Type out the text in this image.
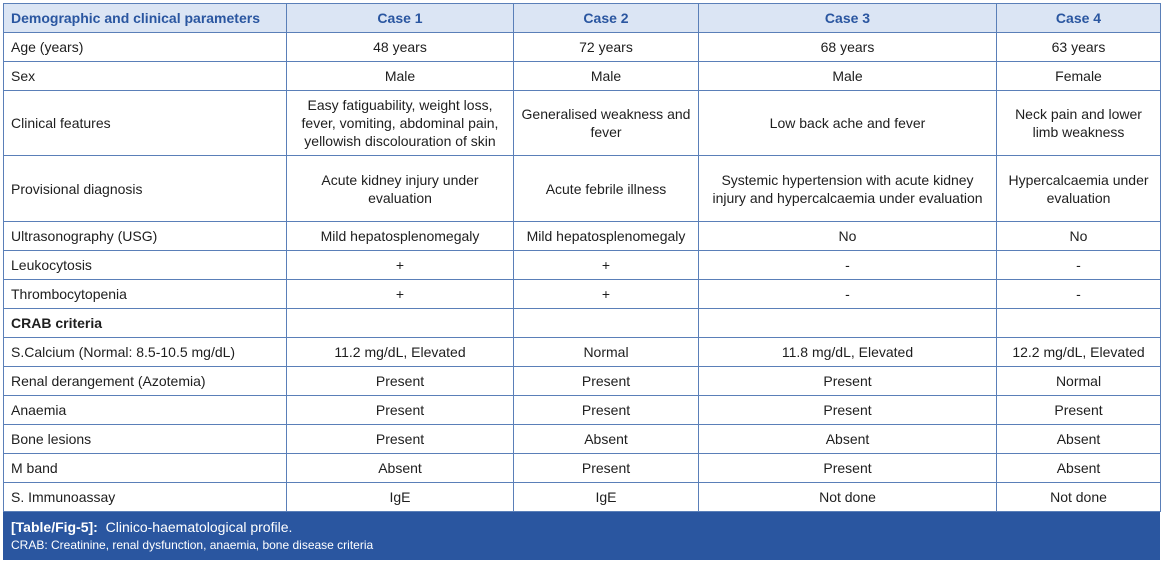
Demographic and clinical parameters	Case 1	Case 2	Case 3	Case 4
Age (years)	48 years	72 years	68 years	63 years
Sex	Male	Male	Male	Female
Clinical features	Easy fatiguability, weight loss, fever, vomiting, abdominal pain, yellowish discolouration of skin	Generalised weakness and fever	Low back ache and fever	Neck pain and lower limb weakness
Provisional diagnosis	Acute kidney injury under evaluation	Acute febrile illness	Systemic hypertension with acute kidney injury and hypercalcaemia under evaluation	Hypercalcaemia under evaluation
Ultrasonography (USG)	Mild hepatosplenomegaly	Mild hepatosplenomegaly	No	No
Leukocytosis	+	+	-	-
Thrombocytopenia	+	+	-	-
CRAB criteria				
S.Calcium (Normal: 8.5-10.5 mg/dL)	11.2 mg/dL, Elevated	Normal	11.8 mg/dL, Elevated	12.2 mg/dL, Elevated
Renal derangement (Azotemia)	Present	Present	Present	Normal
Anaemia	Present	Present	Present	Present
Bone lesions	Present	Absent	Absent	Absent
M band	Absent	Present	Present	Absent
S. Immunoassay	IgE	IgE	Not done	Not done
[Table/Fig-5]: Clinico-haematological profile.
CRAB: Creatinine, renal dysfunction, anaemia, bone disease criteria
